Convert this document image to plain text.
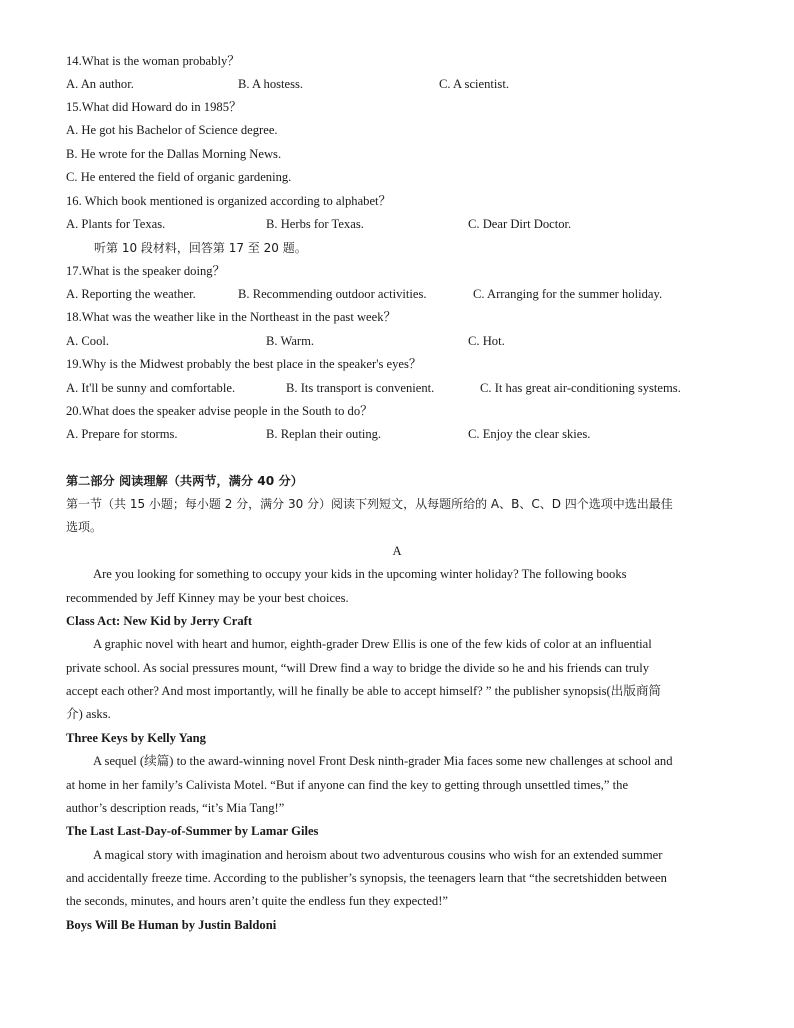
14.What is the woman probably？
A. An author.	B. A hostess.	C. A scientist.
15.What did Howard do in 1985？
A. He got his Bachelor of Science degree.
B. He wrote for the Dallas Morning News.
C. He entered the field of organic gardening.
16. Which book mentioned is organized according to alphabet？
A. Plants for Texas.	B. Herbs for Texas.	C. Dear Dirt Doctor.
听第 10 段材料，回答第 17 至 20 题。
17.What is the speaker doing？
A. Reporting the weather.	B. Recommending outdoor activities.	C. Arranging for the summer holiday.
18.What was the weather like in the Northeast in the past week？
A. Cool.	B. Warm.	C. Hot.
19.Why is the Midwest probably the best place in the speaker's eyes？
A. It'll be sunny and comfortable.	B. Its transport is convenient.	C. It has great air-conditioning systems.
20.What does the speaker advise people in the South to do？
A. Prepare for storms.	B. Replan their outing.	C. Enjoy the clear skies.
第二部分 阅读理解（共两节，满分 40 分）
第一节（共 15 小题；每小题 2 分，满分 30 分）阅读下列短文，从每题所给的 A、B、C、D 四个选项中选出最佳
选项。
A
Are you looking for something to occupy your kids in the upcoming winter holiday? The following books
recommended by Jeff Kinney may be your best choices.
Class Act: New Kid by Jerry Craft
A graphic novel with heart and humor, eighth-grader Drew Ellis is one of the few kids of color at an influential
private school. As social pressures mount, “will Drew find a way to bridge the divide so he and his friends can truly
accept each other? And most importantly, will he finally be able to accept himself? ” the publisher synopsis(出版商简
介) asks.
Three Keys by Kelly Yang
A sequel (续篇) to the award-winning novel Front Desk ninth-grader Mia faces some new challenges at school and
at home in her family’s Calivista Motel. “But if anyone can find the key to getting through unsettled times,” the
author’s description reads, “it’s Mia Tang!”
The Last Last-Day-of-Summer by Lamar Giles
A magical story with imagination and heroism about two adventurous cousins who wish for an extended summer
and accidentally freeze time. According to the publisher’s synopsis, the teenagers learn that “the secretshidden between
the seconds, minutes, and hours aren’t quite the endless fun they expected!”
Boys Will Be Human by Justin Baldoni
